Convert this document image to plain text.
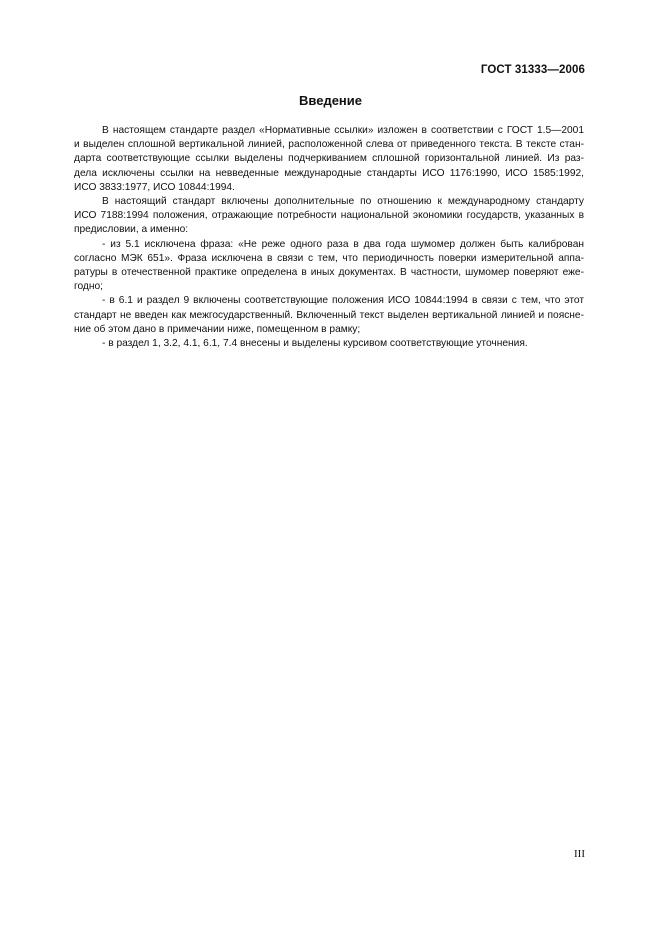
ГОСТ 31333—2006
Введение

В настоящем стандарте раздел «Нормативные ссылки» изложен в соответствии с ГОСТ 1.5—2001
и выделен сплошной вертикальной линией, расположенной слева от приведенного текста. В тексте стан-
дарта соответствующие ссылки выделены подчеркиванием сплошной горизонтальной линией. Из раз-
дела исключены ссылки на невведенные международные стандарты ИСО 1176:1990, ИСО 1585:1992,
ИСО 3833:1977, ИСО 10844:1994.

В настоящий стандарт включены дополнительные по отношению к международному стандарту
ИСО 7188:1994 положения, отражающие потребности национальной экономики государств, указанных в
предисловии, а именно:

- из 5.1 исключена фраза: «Не реже одного раза в два года шумомер должен быть калиброван
согласно МЭК 651». Фраза исключена в связи с тем, что периодичность поверки измерительной аппа-
ратуры в отечественной практике определена в иных документах. В частности, шумомер поверяют еже-
годно;

- в 6.1 и раздел 9 включены соответствующие положения ИСО 10844:1994 в связи с тем, что этот
стандарт не введен как межгосударственный. Включенный текст выделен вертикальной линией и поясне-
ние об этом дано в примечании ниже, помещенном в рамку;

- в раздел 1, 3.2, 4.1, 6.1, 7.4 внесены и выделены курсивом соответствующие уточнения.

III
